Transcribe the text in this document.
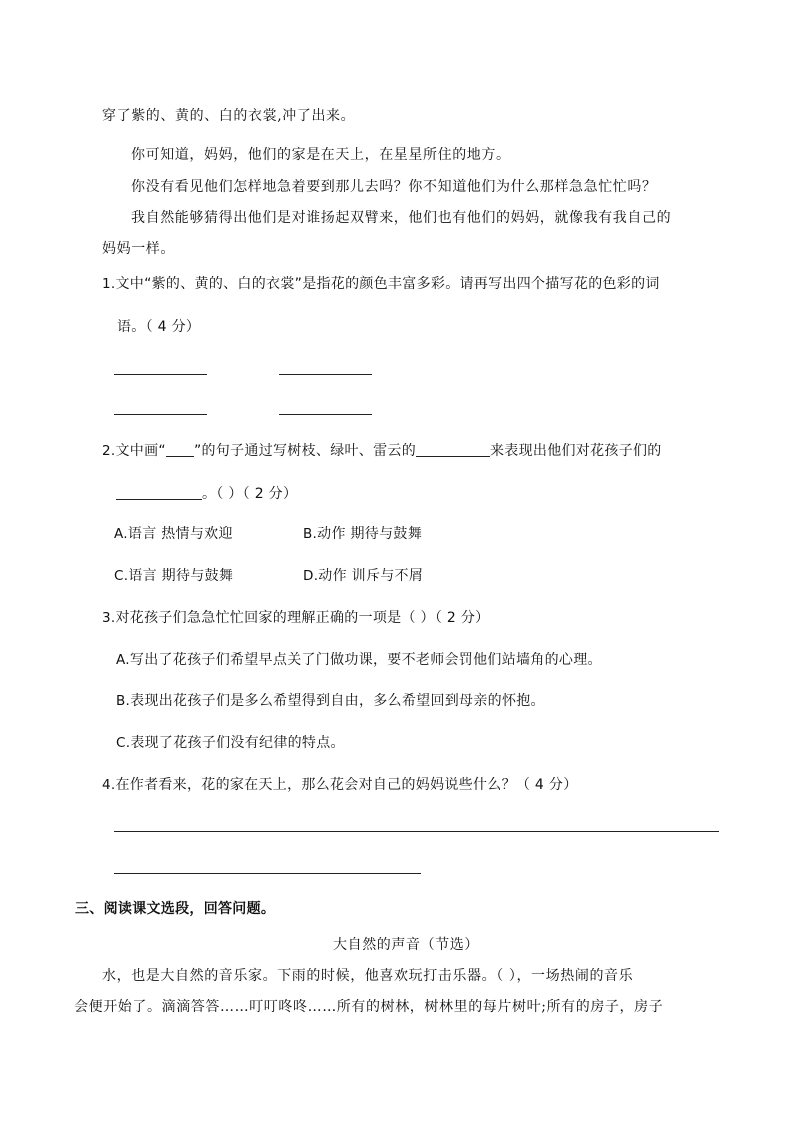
穿了紫的、黄的、白的衣裳,冲了出来。
你可知道，妈妈，他们的家是在天上，在星星所住的地方。
你没有看见他们怎样地急着要到那儿去吗？你不知道他们为什么那样急急忙忙吗？
我自然能够猜得出他们是对谁扬起双臂来，他们也有他们的妈妈，就像我有我自己的
妈妈一样。
1.文中“紫的、黄的、白的衣裳”是指花的颜色丰富多彩。请再写出四个描写花的色彩的词
语。（ 4 分）
2.文中画“ ”的句子通过写树枝、绿叶、雷云的	来表现出他们对花孩子们的
。（ ）（ 2 分）
A.语言 热情与欢迎	B.动作 期待与鼓舞
C.语言 期待与鼓舞	D.动作 训斥与不屑
3.对花孩子们急急忙忙回家的理解正确的一项是（ ）（ 2 分）
A.写出了花孩子们希望早点关了门做功课，要不老师会罚他们站墙角的心理。
B.表现出花孩子们是多么希望得到自由，多么希望回到母亲的怀抱。
C.表现了花孩子们没有纪律的特点。
4.在作者看来，花的家在天上，那么花会对自己的妈妈说些什么？（ 4 分）
三、阅读课文选段，回答问题。
大自然的声音（节选）
水，也是大自然的音乐家。下雨的时候，他喜欢玩打击乐器。（ ），一场热闹的音乐
会便开始了。滴滴答答……叮叮咚咚……所有的树林，树林里的每片树叶;所有的房子，房子
